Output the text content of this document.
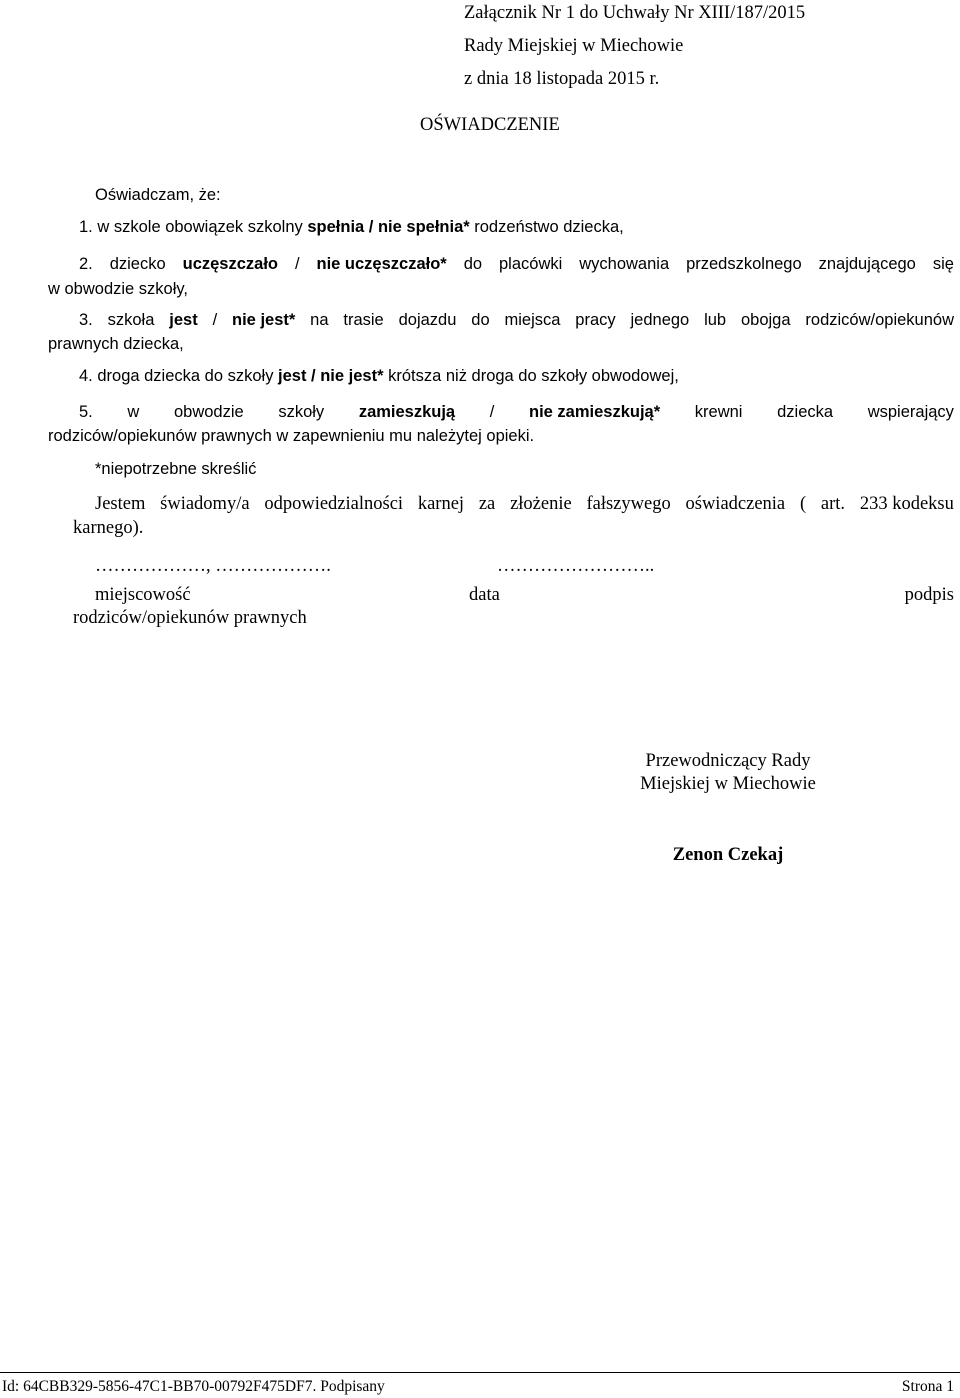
Załącznik Nr 1 do Uchwały Nr XIII/187/2015
Rady Miejskiej w Miechowie
z dnia 18 listopada 2015 r.
OŚWIADCZENIE
Oświadczam, że:
1. w szkole obowiązek szkolny spełnia / nie spełnia* rodzeństwo dziecka,
2. dziecko uczęszczało / nie uczęszczało* do placówki wychowania przedszkolnego znajdującego się
w obwodzie szkoły,
3. szkoła jest / nie jest* na trasie dojazdu do miejsca pracy jednego lub obojga rodziców/opiekunów
prawnych dziecka,
4. droga dziecka do szkoły jest / nie jest* krótsza niż droga do szkoły obwodowej,
5. w obwodzie szkoły zamieszkują / nie zamieszkują* krewni dziecka wspierający
rodziców/opiekunów prawnych w zapewnieniu mu należytej opieki.
*niepotrzebne skreślić
Jestem świadomy/a odpowiedzialności karnej za złożenie fałszywego oświadczenia ( art. 233 kodeksu
karnego).
………………, ……………….	……………………..
miejscowość	data	podpis
rodziców/opiekunów prawnych
Przewodniczący Rady
Miejskiej w Miechowie
Zenon Czekaj
Id: 64CBB329-5856-47C1-BB70-00792F475DF7. Podpisany	Strona 1
